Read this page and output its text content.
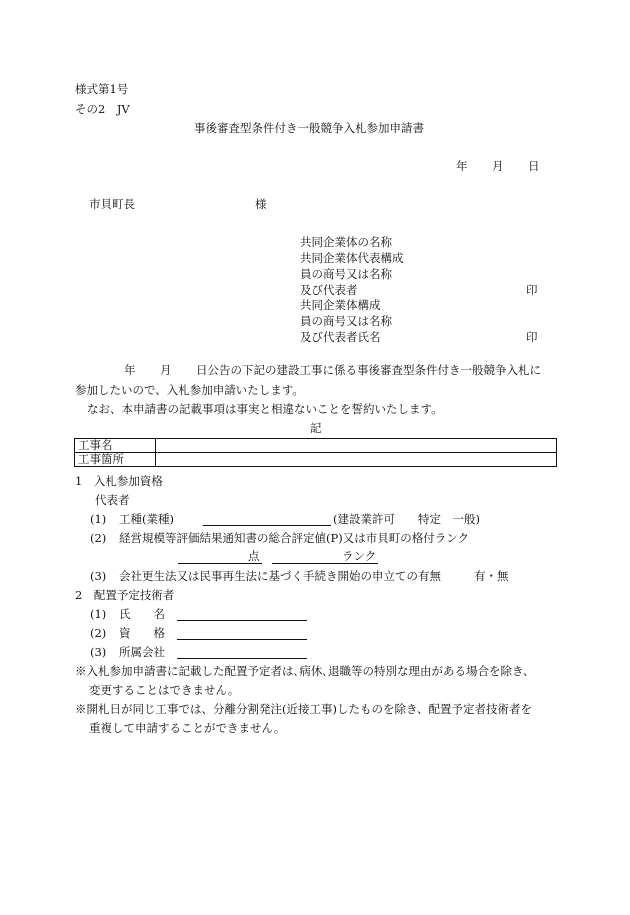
様式第1号
その2　JV
事後審査型条件付き一般競争入札参加申請書
年 月 日
市貝町長	様
共同企業体の名称
共同企業体代表構成
員の商号又は名称
及び代表者	印
共同企業体構成
員の商号又は名称
及び代表者氏名	印
年 月 日公告の下記の建設工事に係る事後審査型条件付き一般競争入札に
参加したいので、入札参加申請いたします。
なお、本申請書の記載事項は事実と相違ないことを誓約いたします。
記
工事名	
工事箇所	
1　入札参加資格
代表者
(1) 工種(業種)	(建設業許可　　特定　一般)
(2) 経営規模等評価結果通知書の総合評定値(P)又は市貝町の格付ランク
点	ランク
(3) 会社更生法又は民事再生法に基づく手続き開始の申立ての有無	有・無
2　配置予定技術者
(1) 氏　　名
(2) 資　　格
(3) 所属会社
※入札参加申請書に記載した配置予定者は､病休､退職等の特別な理由がある場合を除き、
変更することはできません。
※開札日が同じ工事では、分離分割発注(近接工事)したものを除き、配置予定者技術者を
重複して申請することができません。
